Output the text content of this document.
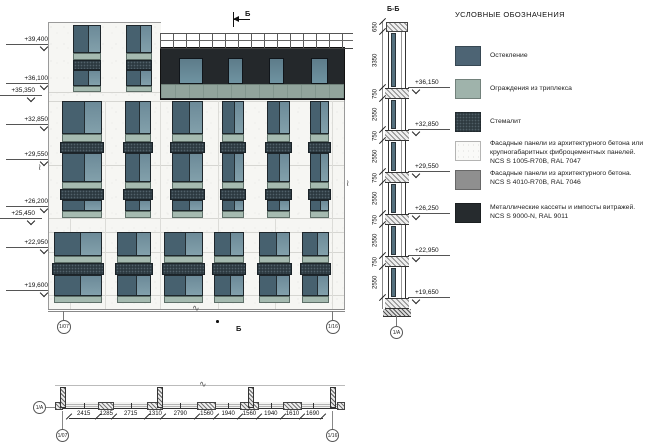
+39,400
+36,100
+35,350
+32,850
+29,550
+26,200
+25,450
+22,950
+19,600
Б
Б
∿
≀
≀
1/07	1/16
Б-Б
1/А
650
3350
750
2550
750
2550
750
2550
750
2550
750
2550
+36,150
+32,850
+29,550
+26,250
+22,950
+19,650
УСЛОВНЫЕ ОБОЗНАЧЕНИЯ
Остекление
Ограждения из триплекса
Стемалит
Фасадные панели из архитектурного бетона или крупногабаритных фиброцементных панелей. NCS S 1005-R70B, RAL 7047
Фасадные панели из архитектурного бетона. NCS S 4010-R70B, RAL 7046
Металлические кассеты и импосты витражей. NCS S 9000-N, RAL 9011
∿
1/А
1/07	1/16
2415	1285	2715	1310	2790	1560	1940	1560	1940	1610	1690
